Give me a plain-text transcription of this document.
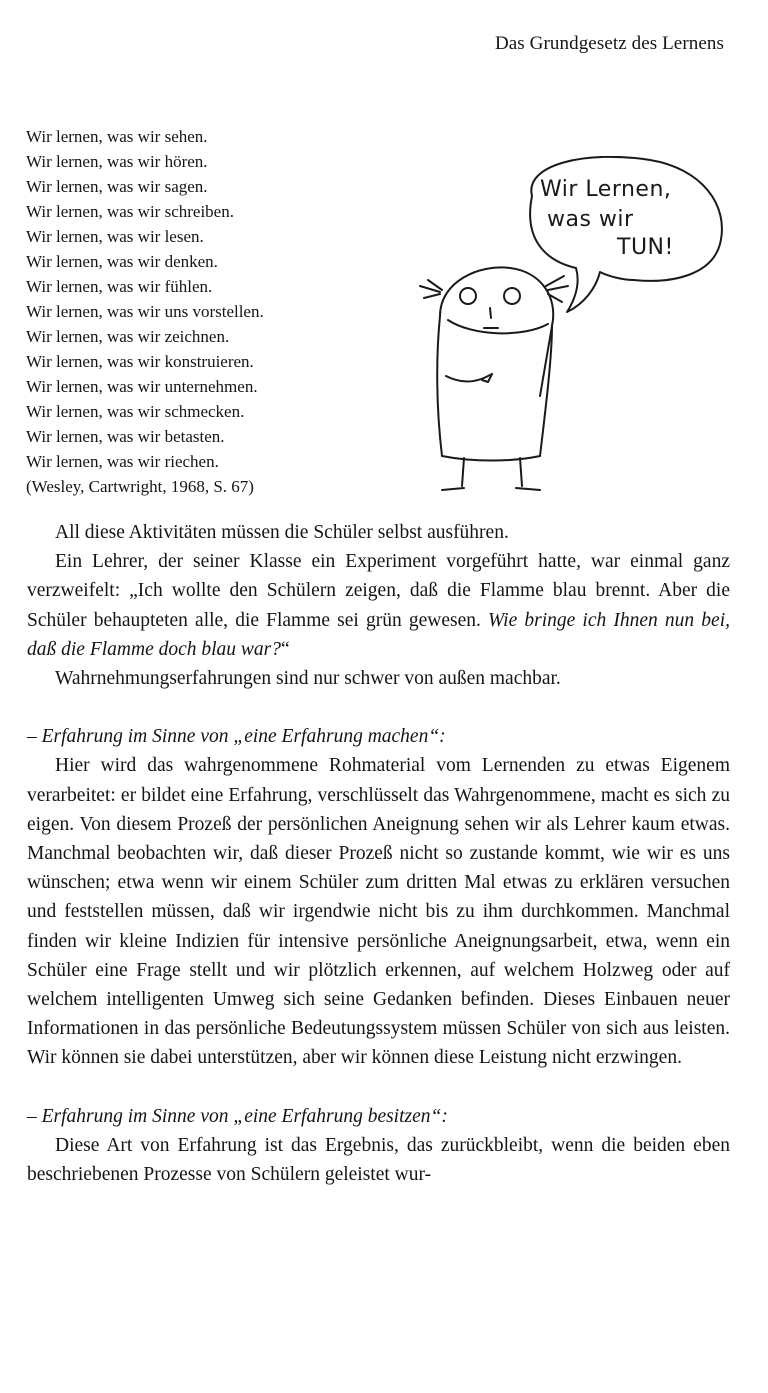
Das Grundgesetz des Lernens
Wir lernen, was wir sehen.
Wir lernen, was wir hören.
Wir lernen, was wir sagen.
Wir lernen, was wir schreiben.
Wir lernen, was wir lesen.
Wir lernen, was wir denken.
Wir lernen, was wir fühlen.
Wir lernen, was wir uns vorstellen.
Wir lernen, was wir zeichnen.
Wir lernen, was wir konstruieren.
Wir lernen, was wir unternehmen.
Wir lernen, was wir schmecken.
Wir lernen, was wir betasten.
Wir lernen, was wir riechen.
(Wesley, Cartwright, 1968, S. 67)
Wir Lernen,
was wir
TUN!

All diese Aktivitäten müssen die Schüler selbst ausführen.

Ein Lehrer, der seiner Klasse ein Experiment vorgeführt hatte, war einmal ganz verzweifelt: „Ich wollte den Schülern zeigen, daß die Flamme blau brennt. Aber die Schüler behaupteten alle, die Flamme sei grün gewesen. Wie bringe ich Ihnen nun bei, daß die Flamme doch blau war?“

Wahrnehmungserfahrungen sind nur schwer von außen machbar.

– Erfahrung im Sinne von „eine Erfahrung machen“:

Hier wird das wahrgenommene Rohmaterial vom Lernenden zu etwas Eigenem verarbeitet: er bildet eine Erfahrung, verschlüsselt das Wahrgenommene, macht es sich zu eigen. Von diesem Prozeß der persönlichen Aneignung sehen wir als Lehrer kaum etwas. Manchmal beobachten wir, daß dieser Prozeß nicht so zustande kommt, wie wir es uns wünschen; etwa wenn wir einem Schüler zum dritten Mal etwas zu erklären versuchen und feststellen müssen, daß wir irgendwie nicht bis zu ihm durchkommen. Manchmal finden wir kleine Indizien für intensive persönliche Aneignungsarbeit, etwa, wenn ein Schüler eine Frage stellt und wir plötzlich erkennen, auf welchem Holzweg oder auf welchem intelligenten Umweg sich seine Gedanken befinden. Dieses Einbauen neuer Informationen in das persönliche Bedeutungssystem müssen Schüler von sich aus leisten. Wir können sie dabei unterstützen, aber wir können diese Leistung nicht erzwingen.

– Erfahrung im Sinne von „eine Erfahrung besitzen“:

Diese Art von Erfahrung ist das Ergebnis, das zurückbleibt, wenn die beiden eben beschriebenen Prozesse von Schülern geleistet wur-
